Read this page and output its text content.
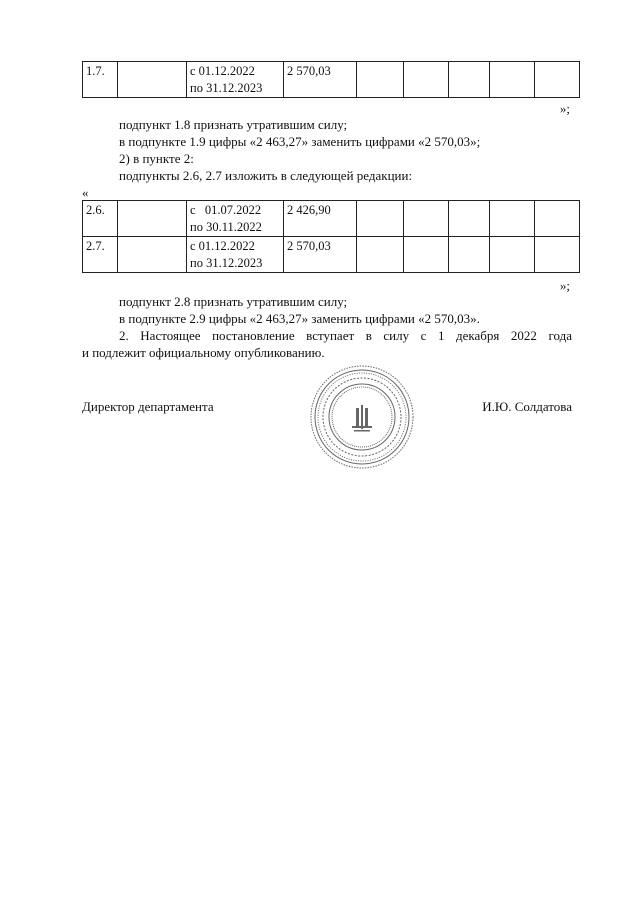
1.7.		с 01.12.2022
по 31.12.2023
	2 570,03					
»;
подпункт 1.8 признать утратившим силу;
в подпункте 1.9 цифры «2 463,27» заменить цифрами «2 570,03»;
2) в пункте 2:
подпункты 2.6, 2.7 изложить в следующей редакции:
«
2.6.		с   01.07.2022
по 30.11.2022	2 426,90					
2.7.		с 01.12.2022
по 31.12.2023	2 570,03					
»;
подпункт 2.8 признать утратившим силу;
в подпункте 2.9 цифры «2 463,27» заменить цифрами «2 570,03».
2. Настоящее постановление вступает в силу с 1 декабря 2022 года
и подлежит официальному опубликованию.
Директор департамента	И.Ю. Солдатова
